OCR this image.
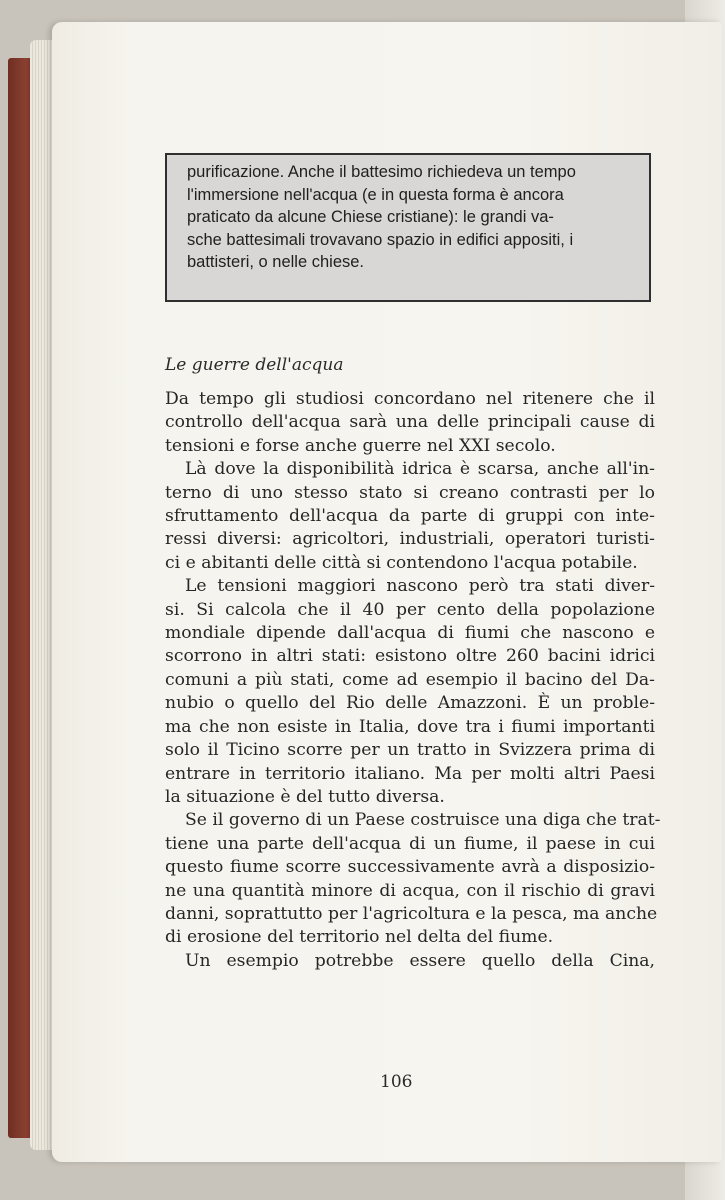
purificazione. Anche il battesimo richiedeva un tempo
l'immersione nell'acqua (e in questa forma è ancora
praticato da alcune Chiese cristiane): le grandi va-
sche battesimali trovavano spazio in edifici appositi, i
battisteri, o nelle chiese.
Le guerre dell'acqua
Da tempo gli studiosi concordano nel ritenere che il
controllo dell'acqua sarà una delle principali cause di
tensioni e forse anche guerre nel XXI secolo.
Là dove la disponibilità idrica è scarsa, anche all'in-
terno di uno stesso stato si creano contrasti per lo
sfruttamento dell'acqua da parte di gruppi con inte-
ressi diversi: agricoltori, industriali, operatori turisti-
ci e abitanti delle città si contendono l'acqua potabile.
Le tensioni maggiori nascono però tra stati diver-
si. Si calcola che il 40 per cento della popolazione
mondiale dipende dall'acqua di fiumi che nascono e
scorrono in altri stati: esistono oltre 260 bacini idrici
comuni a più stati, come ad esempio il bacino del Da-
nubio o quello del Rio delle Amazzoni. È un proble-
ma che non esiste in Italia, dove tra i fiumi importanti
solo il Ticino scorre per un tratto in Svizzera prima di
entrare in territorio italiano. Ma per molti altri Paesi
la situazione è del tutto diversa.
Se il governo di un Paese costruisce una diga che trat-
tiene una parte dell'acqua di un fiume, il paese in cui
questo fiume scorre successivamente avrà a disposizio-
ne una quantità minore di acqua, con il rischio di gravi
danni, soprattutto per l'agricoltura e la pesca, ma anche
di erosione del territorio nel delta del fiume.
Un esempio potrebbe essere quello della Cina,
106
